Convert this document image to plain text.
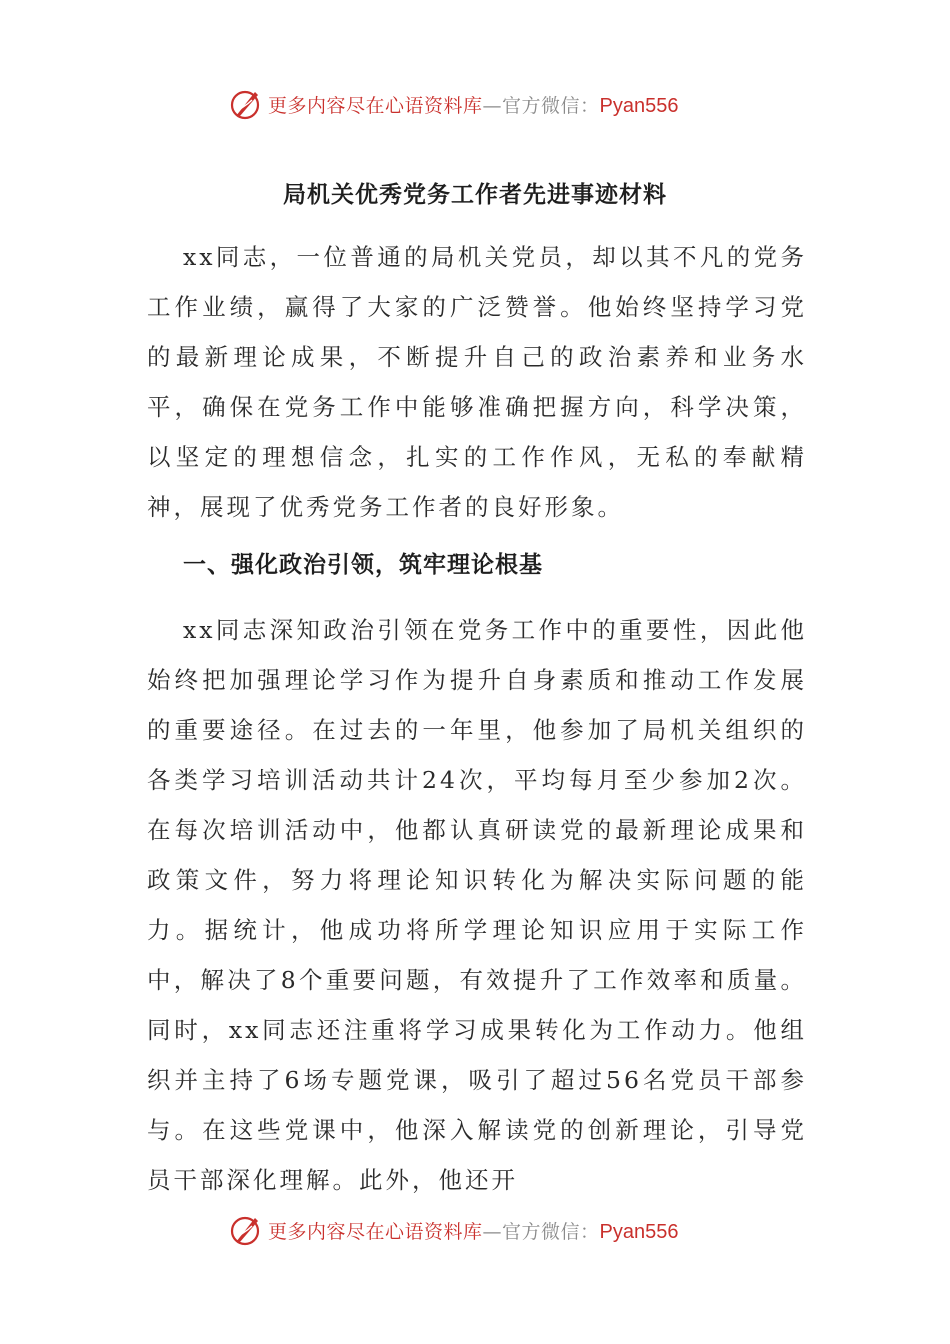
更多内容尽在心语资料库—官方微信：Pyan556
局机关优秀党务工作者先进事迹材料

xx同志，一位普通的局机关党员，却以其不凡的党务工作业绩，赢得了大家的广泛赞誉。他始终坚持学习党的最新理论成果，不断提升自己的政治素养和业务水平，确保在党务工作中能够准确把握方向，科学决策，以坚定的理想信念，扎实的工作作风，无私的奉献精神，展现了优秀党务工作者的良好形象。

一、强化政治引领，筑牢理论根基

xx同志深知政治引领在党务工作中的重要性，因此他始终把加强理论学习作为提升自身素质和推动工作发展的重要途径。在过去的一年里，他参加了局机关组织的各类学习培训活动共计24次，平均每月至少参加2次。在每次培训活动中，他都认真研读党的最新理论成果和政策文件，努力将理论知识转化为解决实际问题的能力。据统计，他成功将所学理论知识应用于实际工作中，解决了8个重要问题，有效提升了工作效率和质量。同时，xx同志还注重将学习成果转化为工作动力。他组织并主持了6场专题党课，吸引了超过56名党员干部参与。在这些党课中，他深入解读党的创新理论，引导党员干部深化理解。此外，他还开

更多内容尽在心语资料库—官方微信：Pyan556
